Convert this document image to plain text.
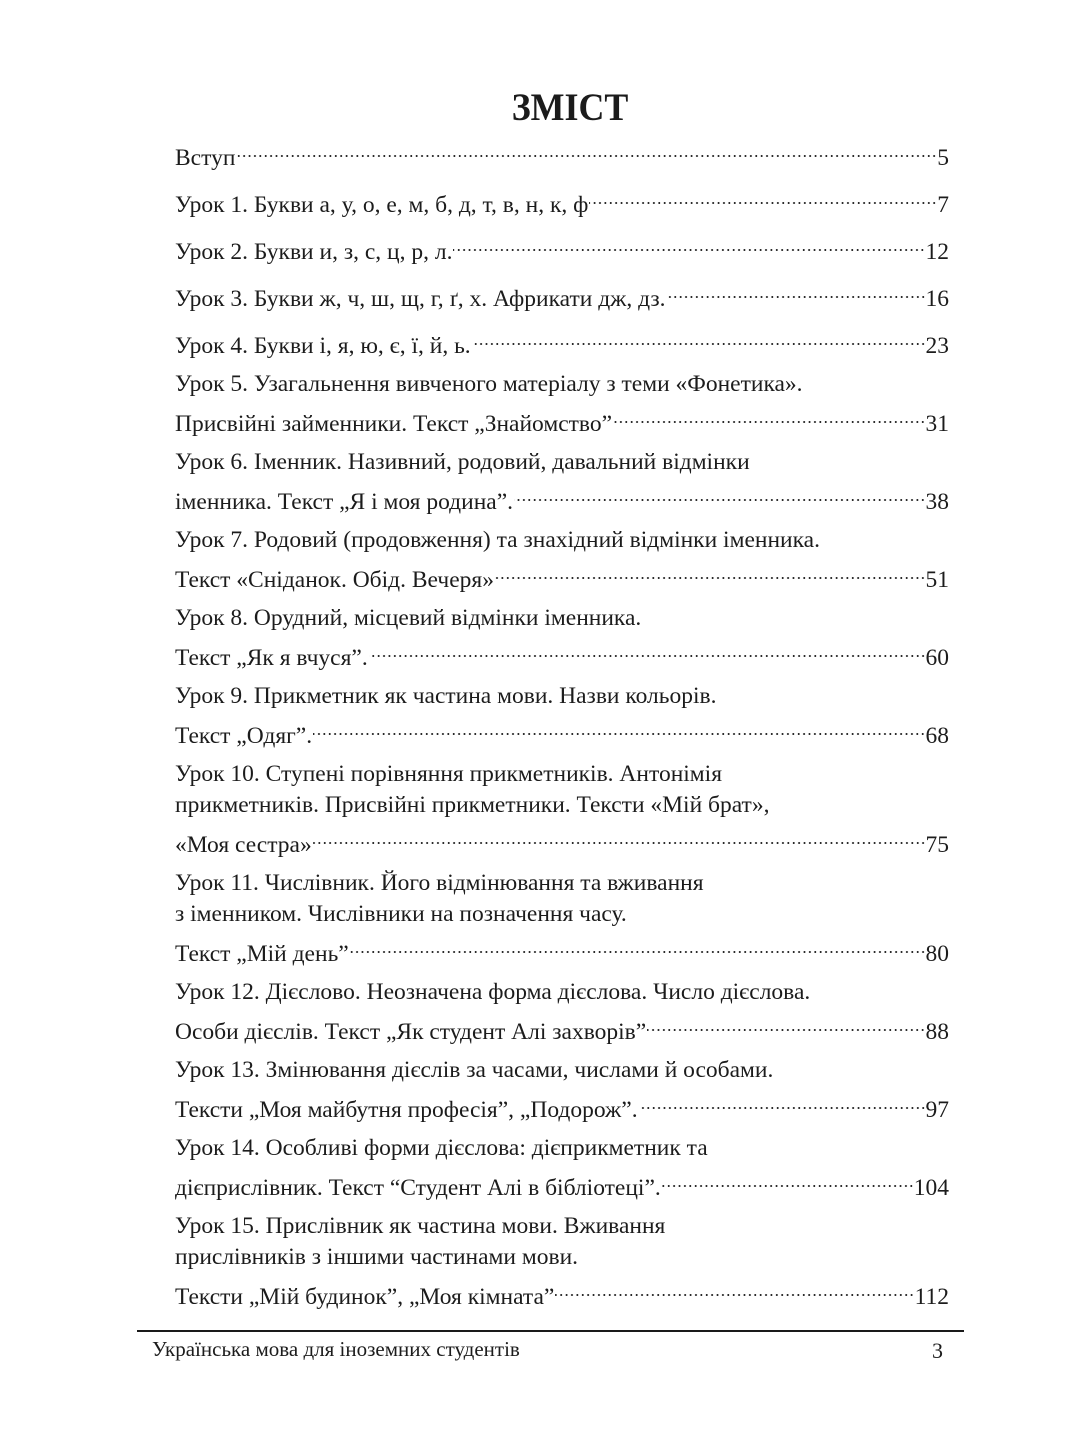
ЗМІСТ
Вступ	5
Урок 1. Букви а, у, о, е, м, б, д, т, в, н, к, ф	7
Урок 2. Букви и, з, с, ц, р, л.	12
Урок 3. Букви ж, ч, ш, щ, г, ґ, х. Африкати дж, дз.	16
Урок 4. Букви і, я, ю, є, ї, й, ь.	23
Урок 5. Узагальнення вивченого матеріалу з теми «Фонетика».
Присвійні займенники. Текст „Знайомство”	31
Урок 6. Іменник. Називний, родовий, давальний відмінки
іменника. Текст „Я і моя родина”.	38
Урок 7. Родовий (продовження) та знахідний відмінки іменника.
Текст «Сніданок. Обід. Вечеря»	51
Урок 8. Орудний, місцевий відмінки іменника.
Текст „Як я вчуся”.	60
Урок 9. Прикметник як частина мови. Назви кольорів.
Текст „Одяг”.	68
Урок 10. Ступені порівняння прикметників. Антонімія
прикметників. Присвійні прикметники. Тексти «Мій брат»,
«Моя сестра»	75
Урок 11. Числівник. Його відмінювання та вживання
з іменником. Числівники на позначення часу.
Текст „Мій день”	80
Урок 12. Дієслово. Неозначена форма дієслова. Число дієслова.
Особи дієслів. Текст „Як студент Алі захворів”	88
Урок 13. Змінювання дієслів за часами, числами й особами.
Тексти „Моя майбутня професія”, „Подорож”.	97
Урок 14. Особливі форми дієслова: дієприкметник та
дієприслівник. Текст “Студент Алі в бібліотеці”.	104
Урок 15. Прислівник як частина мови. Вживання
прислівників з іншими частинами мови.
Тексти „Мій будинок”, „Моя кімната”	112
Українська мова для іноземних студентів	3
